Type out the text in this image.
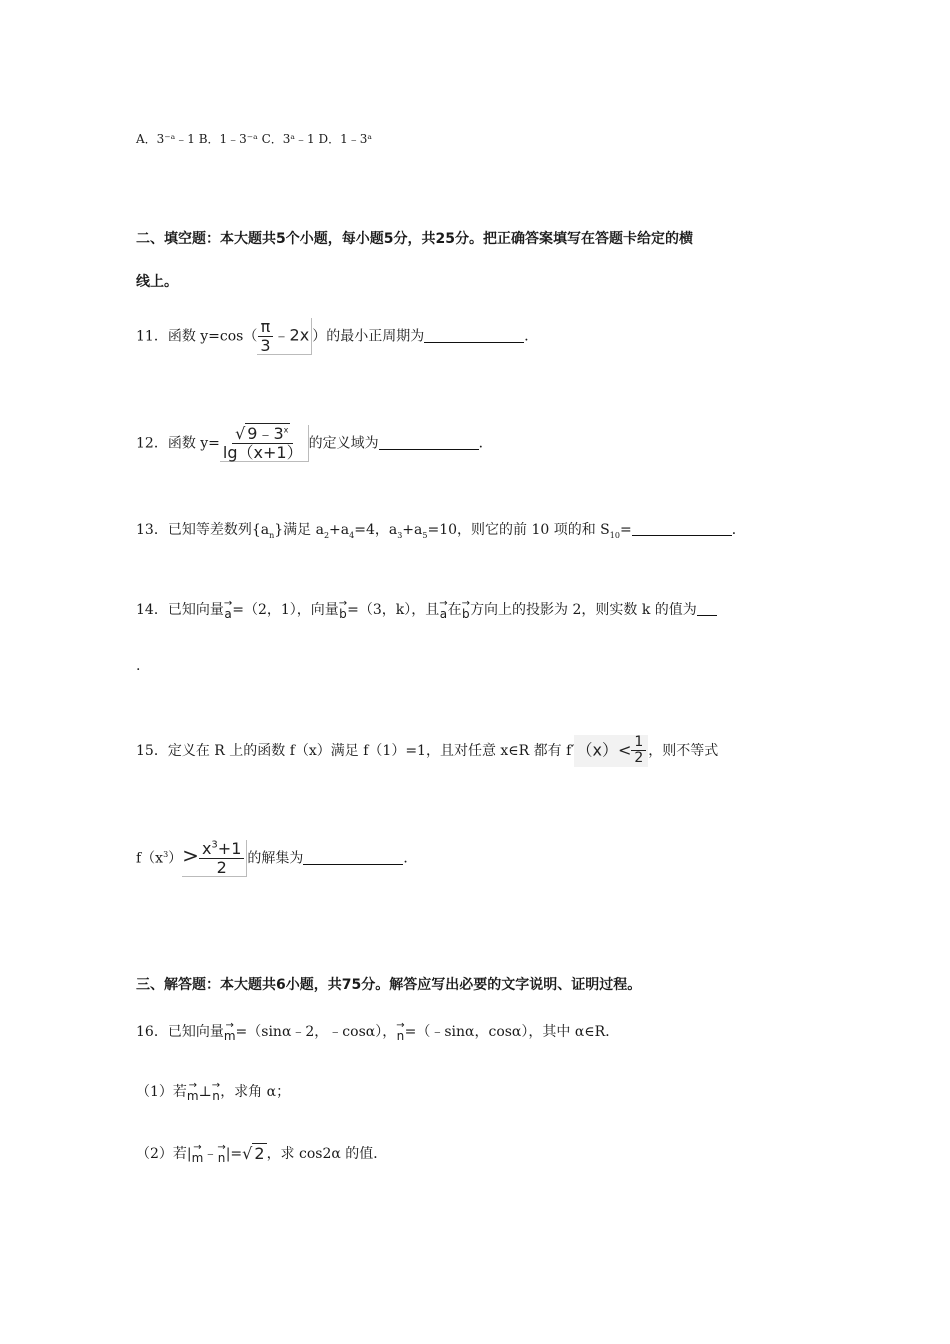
A．3⁻ᵃ﹣1 B．1﹣3⁻ᵃ C．3ᵃ﹣1 D．1﹣3ᵃ
二、填空题：本大题共5个小题，每小题5分，共25分。把正确答案填写在答题卡给定的横
线上。
11．函数 $y=\cos( \frac{\pi}{3}$ ﹣2x ）的最小正周期为	．
12．函数 $y= \frac{√ 9﹣3^x}{\lg(x+1)}$ 的定义域为	．
13．已知等差数列$\{a_n\}$满足 $a_2+a_4=4$，$a_3+a_5=10$，则它的前 10 项的和 $S_{10}=$	．
14．已知向量 →
a =（2，1），向量 →
b =（3，k），且 →
a 在 →
b 方向上的投影为 2，则实数 k 的值为
.
15．定义在 R 上的函数 f（x）满足 f（1）=1，且对任意 x∈R 都有 f′ $(x)< \frac{1}{2}$ ，则不等式
$f(x^3)> \frac{x^3+1}{2}$ 的解集为	．
三、解答题：本大题共6小题，共75分。解答应写出必要的文字说明、证明过程。
16．已知向量 →
m =（sinα﹣2，﹣cosα）， →
n =（﹣sinα，cosα），其中 α∈R．
（1）若 →
m ⊥ →
n ，求角 α；
（2）若| →
m ﹣ →
n |=√ 2 ，求 cos2α 的值．
